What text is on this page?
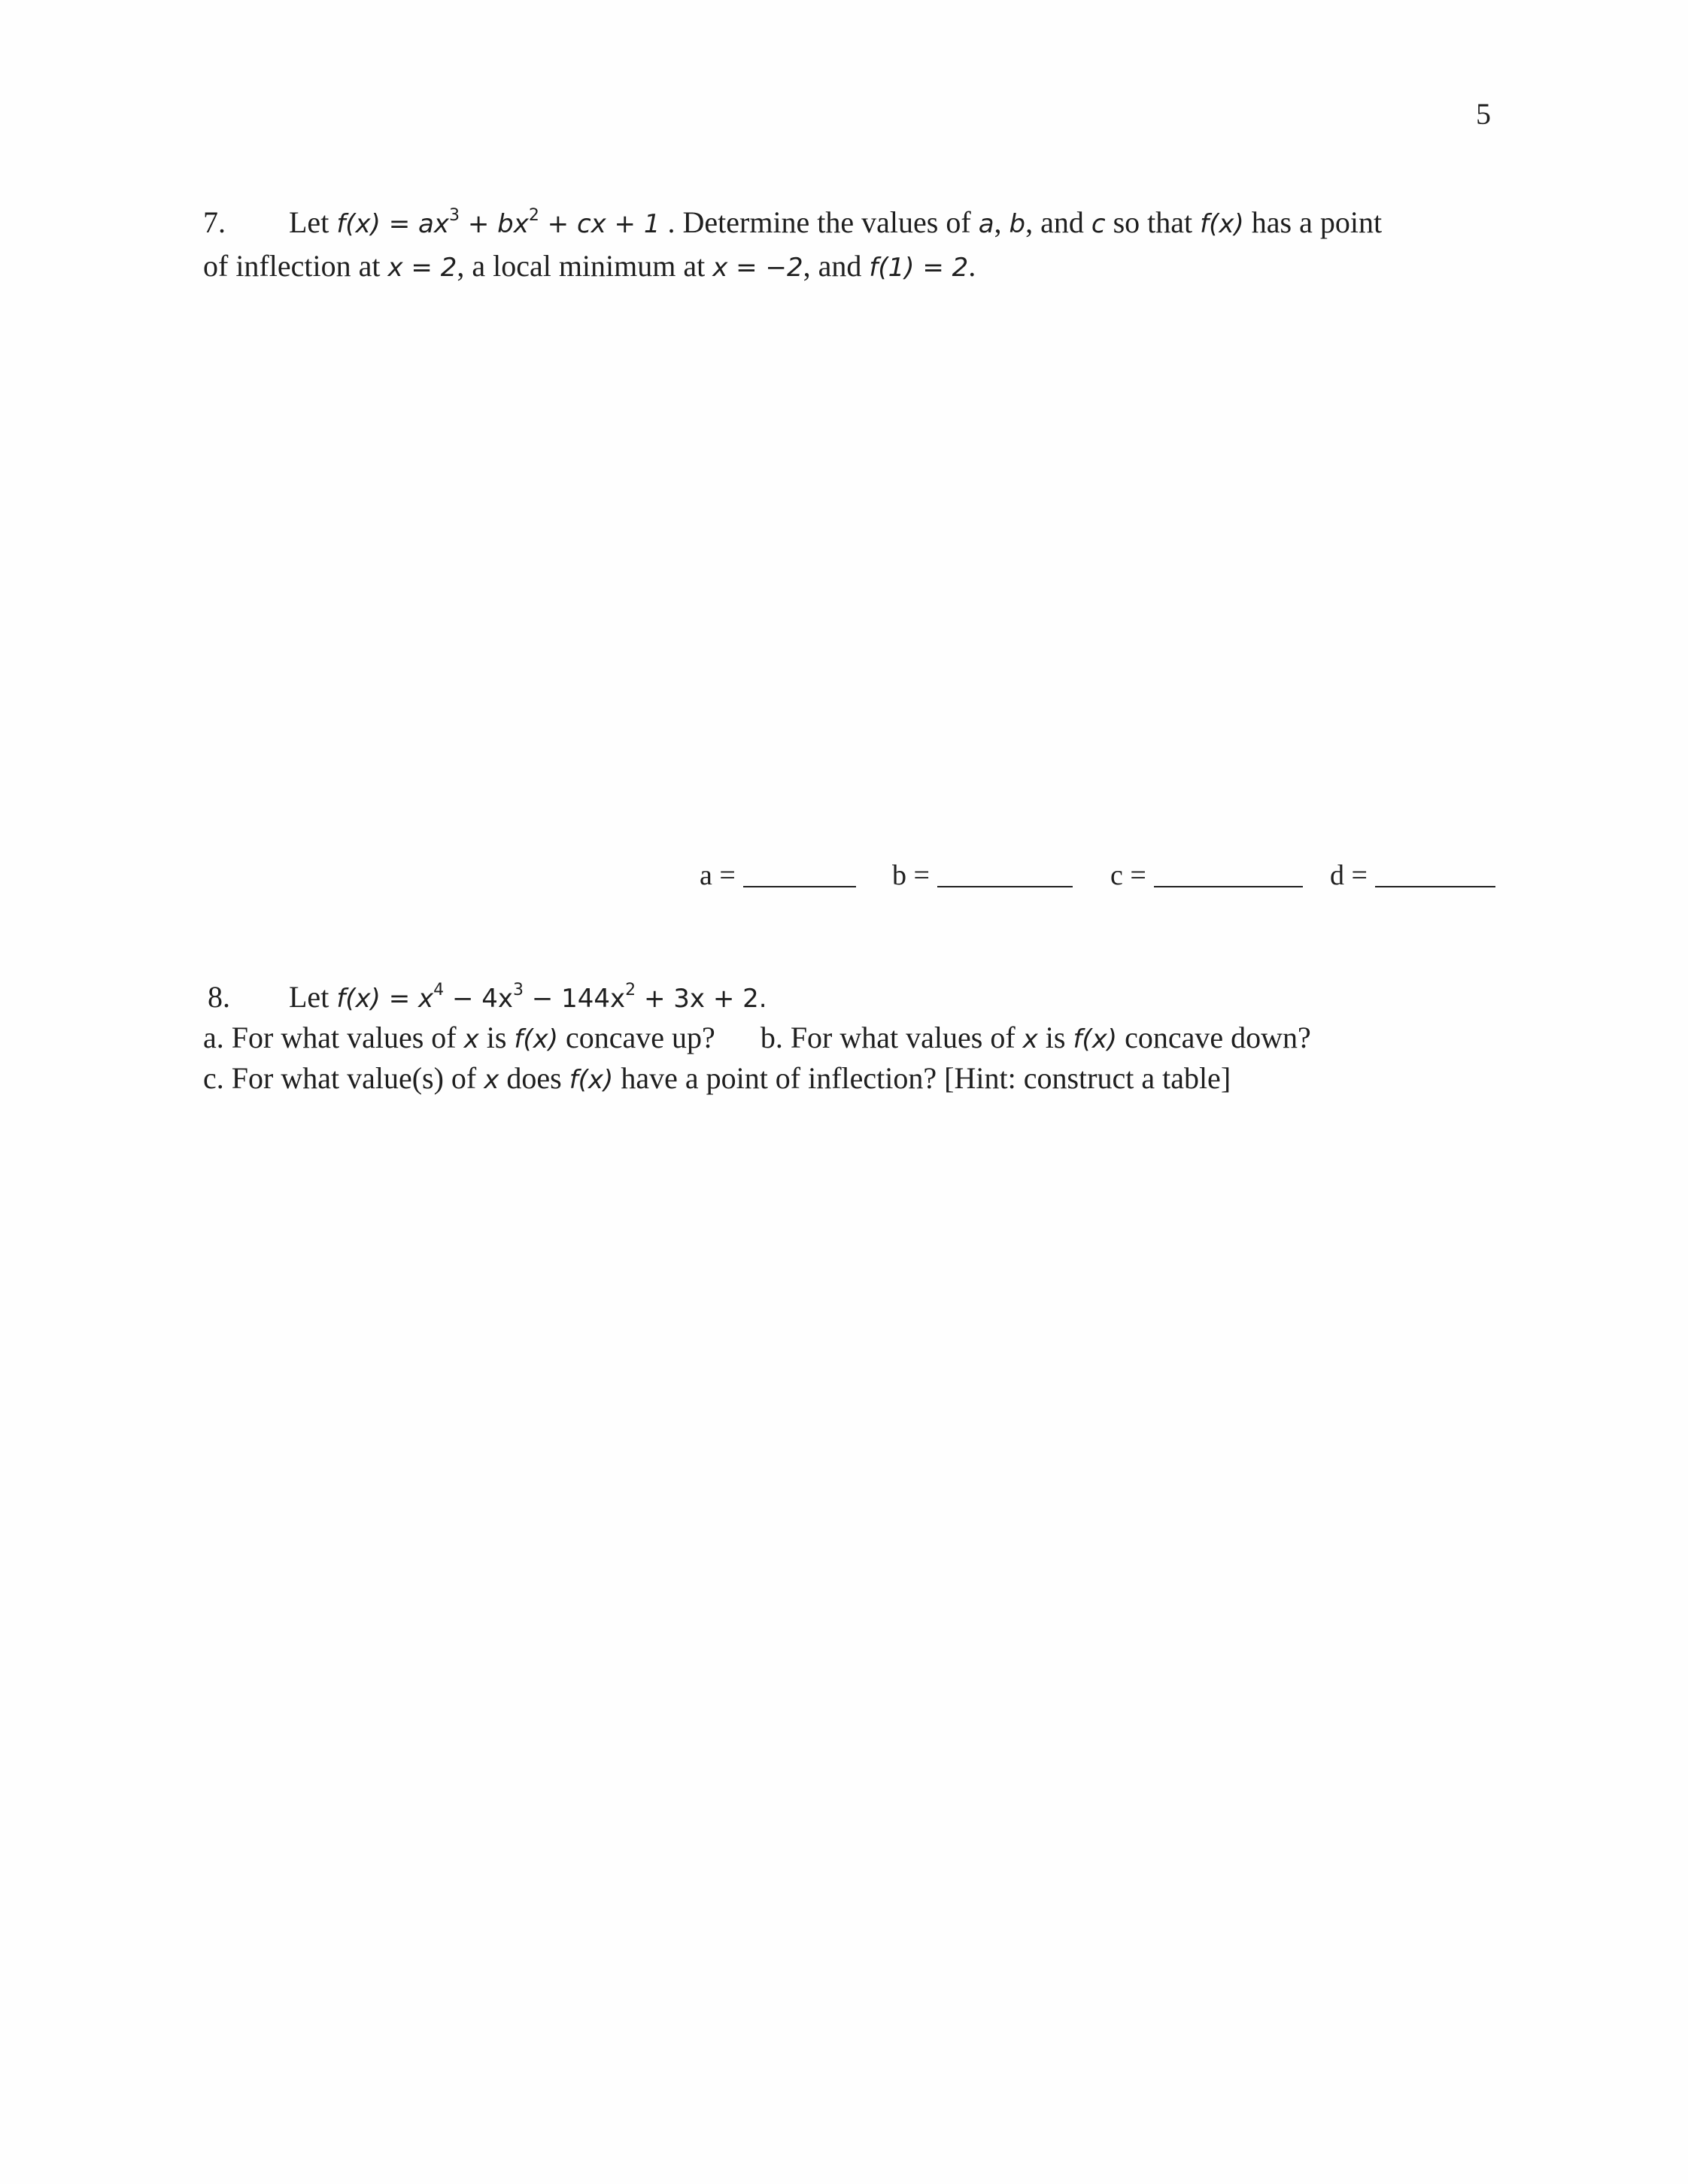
5
7. Let $f(x) = ax^3 + bx^2$ + cx + 1 . Determine the values of a, b, and c so that f(x) has a point
of inflection at x = 2, a local minimum at x = −2, and f(1) = 2.
a =	b =	c =	d =
8. Let $f(x) = x^4 - 4x^3 - 144x^2 + 3x + 2$.
a. For what values of x is f(x) concave up? b. For what values of x is f(x) concave down?
c. For what value(s) of x does f(x) have a point of inflection? [Hint: construct a table]
